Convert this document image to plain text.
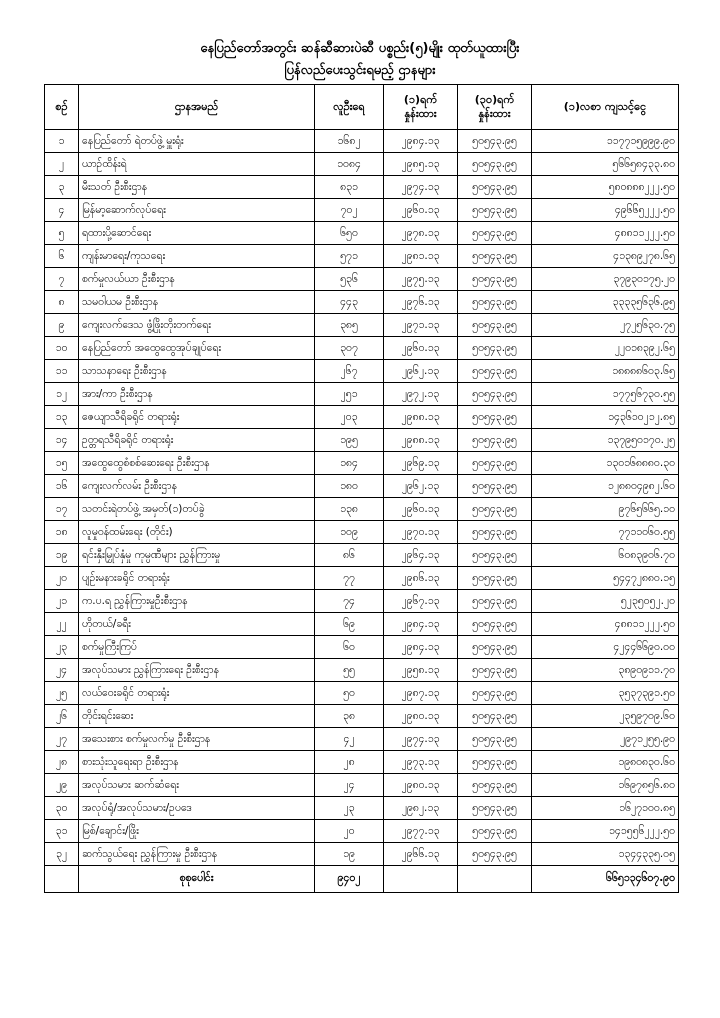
နေပြည်တော်အတွင်း ဆန်ဆီဆားပဲဆီ ပစ္စည်း(၅)မျိုး ထုတ်ယူထားပြီး
ပြန်လည်ပေးသွင်းရမည့် ဌာနများ
စဉ်	ဌာနအမည်	လူဦးရေ	(၁)ရက် နှုန်းထား	(၃၀)ရက် နှုန်းထား	(၁)လစာ ကျသင့်ငွေ
၁	နေပြည်တော် ရဲတပ်ဖွဲ့ မှူးရုံး	၁၆၈၂	၂၉၈၄.၁၃	၅၀၅၄၃.၉၅	၁၁၇၇၁၅၉၉၉.၉၀
၂	ယာဉ်ထိန်းရဲ	၁၀၈၄	၂၉၈၅.၁၃	၅၀၅၄၃.၉၅	၅၆၆၅၈၄၃၃.၈၀
၃	မီးသတ် ဦးစီးဌာန	၈၃၁	၂၉၇၄.၁၃	၅၀၅၄၃.၉၅	၅၈၀၈၈၈၂၂၂.၅၀
၄	မြန်မာ့ဆောက်လုပ်ရေး	၇၀၂	၂၉၆၀.၁၃	၅၀၅၄၃.၉၅	၄၉၆၆၅၂၂၂.၅၀
၅	ရထားပို့ဆောင်ရေး	၆၅၀	၂၉၇၈.၁၃	၅၀၅၄၃.၉၅	၄၈၈၁၁၂၂၂.၅၀
၆	ကျန်းမာရေး/ကုသရေး	၅၇၁	၂၉၈၁.၁၃	၅၀၅၄၃.၉၅	၄၁၃၈၉၂၇၈.၆၅
၇	စက်မှုလယ်ယာ ဦးစီးဌာန	၅၃၆	၂၉၇၅.၁၃	၅၀၅၄၃.၉၅	၃၇၉၃၀၁၇၅.၂၀
၈	သမဝါယမ ဦးစီးဌာန	၄၄၃	၂၉၇၆.၁၃	၅၀၅၄၃.၉၅	၃၃၃၃၅၆၃၆.၉၅
၉	ကျေးလက်ဒေသ ဖွံ့ဖြိုးတိုးတက်ရေး	၃၈၅	၂၉၇၁.၁၃	၅၀၅၄၃.၉၅	၂၇၂၅၆၃၀.၇၅
၁၀	နေပြည်တော် အထွေထွေအုပ်ချုပ်ရေး	၃၀၇	၂၉၆၀.၁၃	၅၀၅၄၃.၉၅	၂၂၀၁၈၃၉၂.၆၅
၁၁	သာသနာရေး ဦးစီးဌာန	၂၆၇	၂၉၆၂.၁၃	၅၀၅၄၃.၉၅	၁၈၈၈၈၆၀၃.၆၅
၁၂	အား/ကာ ဦးစီးဌာန	၂၅၁	၂၉၇၂.၁၃	၅၀၅၄၃.၉၅	၁၇၇၅၆၇၃၀.၅၅
၁၃	ဇေယျာသီရိခရိုင် တရားရုံး	၂၀၃	၂၉၈၈.၁၃	၅၀၅၄၃.၉၅	၁၄၃၆၁၀၂၁၂.၈၅
၁၄	ဥတ္တရသီရိခရိုင် တရားရုံး	၁၉၅	၂၉၈၈.၁၃	၅၀၅၄၃.၉၅	၁၃၇၉၅၀၁၇၀.၂၅
၁၅	အထွေထွေစံစစ်ဆေးရေး ဦးစီးဌာန	၁၈၄	၂၉၆၉.၁၃	၅၀၅၄၃.၉၅	၁၃၀၁၆၈၈၈၀.၃၀
၁၆	ကျေးလက်လမ်း ဦးစီးဌာန	၁၈၀	၂၉၆၂.၁၃	၅၀၅၄၃.၉၅	၁၂၈၈၀၄၉၈၂.၆၀
၁၇	သတင်းရဲတပ်ဖွဲ့ အမှတ်(၁)တပ်ခွဲ	၁၃၈	၂၉၆၀.၁၃	၅၀၅၄၃.၉၅	၉၇၆၅၆၆၅.၁၀
၁၈	လူမှုဝန်ထမ်းရေး (တိုင်း)	၁၀၉	၂၉၇၀.၁၃	၅၀၅၄၃.၉၅	၇၇၁၁၀၆၀.၅၅
၁၉	ရင်းနှီးမြှုပ်နှံမှု ကုမ္ပဏီများ ညွှန်ကြားမှု	၈၆	၂၉၆၄.၁၃	၅၀၅၄၃.၉၅	၆၀၈၃၉၀၆.၇၀
၂၀	ပျဉ်းမနားခရိုင် တရားရုံး	၇၇	၂၉၈၆.၁၃	၅၀၅၄၃.၉၅	၅၄၄၇၂၈၈၀.၁၅
၂၁	က.ပ.ရ ညွှန်ကြားမှုဦးစီးဌာန	၇၄	၂၉၆၇.၁၃	၅၀၅၄၃.၉၅	၅၂၃၅၀၅၂.၂၀
၂၂	ဟိုတယ်/ခရီး	၆၉	၂၉၈၄.၁၃	၅၀၅၄၃.၉၅	၄၈၈၁၁၂၂၂.၅၀
၂၃	စက်မှုကြီးကြပ်	၆၀	၂၉၈၄.၁၃	၅၀၅၄၃.၉၅	၄၂၄၄၆၆၉၀.၀၀
၂၄	အလုပ်သမား ညွှန်ကြားရေး ဦးစီးဌာန	၅၅	၂၉၅၈.၁၃	၅၀၅၄၃.၉၅	၃၈၉၀၉၁၁.၇၀
၂၅	လယ်ဝေးခရိုင် တရားရုံး	၅၀	၂၉၈၇.၁၃	၅၀၅၄၃.၉၅	၃၅၃၇၃၉၁.၅၀
၂၆	တိုင်းရင်းဆေး	၃၈	၂၉၈၀.၁၃	၅၀၅၄၃.၉၅	၂၃၅၉၇၀၉.၆၀
၂၇	အသေးစား စက်မှုလက်မှု ဦးစီးဌာန	၄၂	၂၉၇၄.၁၃	၅၀၅၄၃.၉၅	၂၉၇၁၂၅၅.၉၀
၂၈	စားသုံးသူရေးရာ ဦးစီးဌာန	၂၈	၂၉၇၃.၁၃	၅၀၅၄၃.၉၅	၁၉၈၀၈၃၀.၆၀
၂၉	အလုပ်သမား ဆက်ဆံရေး	၂၄	၂၉၈၀.၁၃	၅၀၅၄၃.၉၅	၁၆၉၇၈၅၆.၈၀
၃၀	အလုပ်ရုံ/အလုပ်သမား/ဥပဒေ	၂၃	၂၉၈၂.၁၃	၅၀၅၄၃.၉၅	၁၆၂၇၁၀၀.၈၅
၃၁	မြစ်/ချောင်း/ဖြိုး	၂၀	၂၉၇၇.၁၃	၅၀၅၄၃.၉၅	၁၄၁၅၅၆၂၂၂.၅၀
၃၂	ဆက်သွယ်ရေး ညွှန်ကြားမှု ဦးစီးဌာန	၁၉	၂၉၆၆.၁၃	၅၀၅၄၃.၉၅	၁၃၄၄၃၃၅.၀၅
	စုစုပေါင်း	၉၄၀၂			၆၆၅၁၃၄၆၀၇.၉၀
